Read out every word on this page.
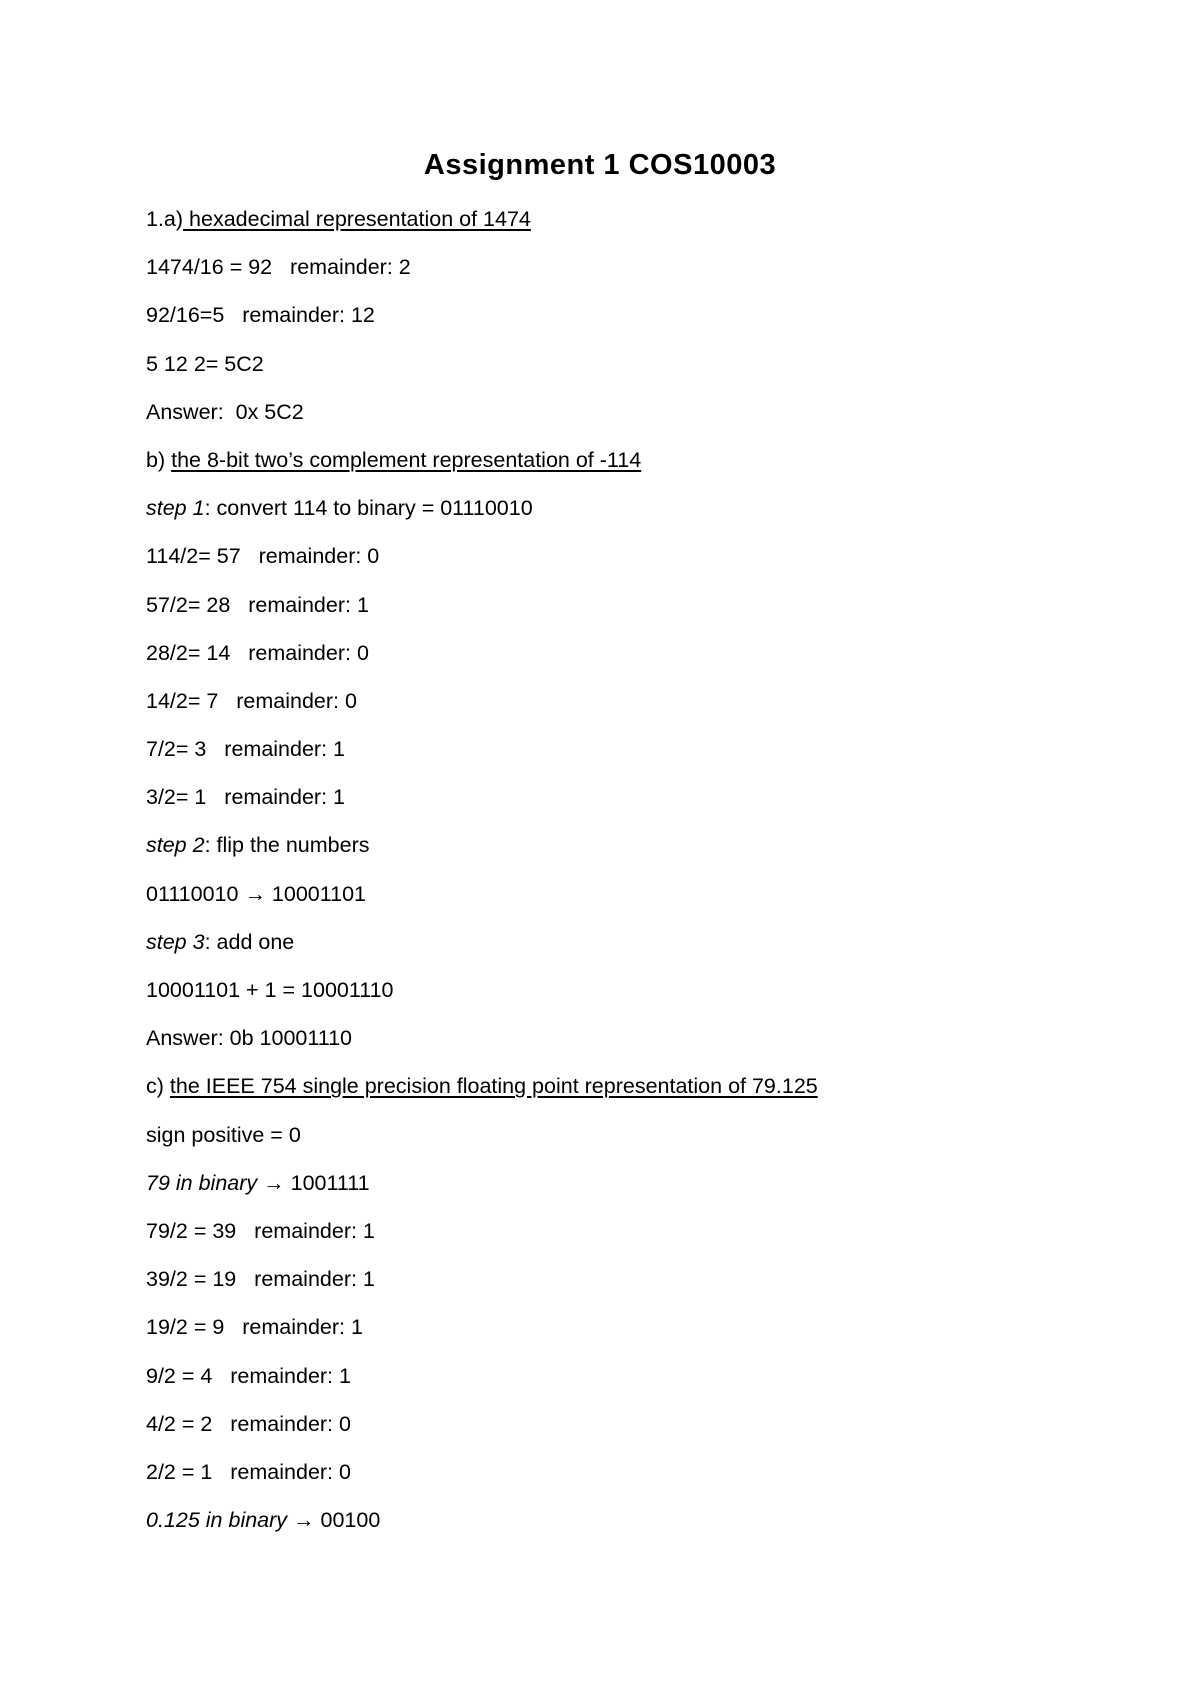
Assignment 1 COS10003
1.a) hexadecimal representation of 1474
1474/16 = 92   remainder: 2
92/16=5   remainder: 12
5 12 2= 5C2
Answer:  0x 5C2
b) the 8-bit two’s complement representation of -114
step 1: convert 114 to binary = 01110010
114/2= 57   remainder: 0
57/2= 28   remainder: 1
28/2= 14   remainder: 0
14/2= 7   remainder: 0
7/2= 3   remainder: 1
3/2= 1   remainder: 1
step 2: flip the numbers
01110010 → 10001101
step 3: add one
10001101 + 1 = 10001110
Answer: 0b 10001110
c) the IEEE 754 single precision floating point representation of 79.125
sign positive = 0
79 in binary → 1001111
79/2 = 39   remainder: 1
39/2 = 19   remainder: 1
19/2 = 9   remainder: 1
9/2 = 4   remainder: 1
4/2 = 2   remainder: 0
2/2 = 1   remainder: 0
0.125 in binary → 00100
